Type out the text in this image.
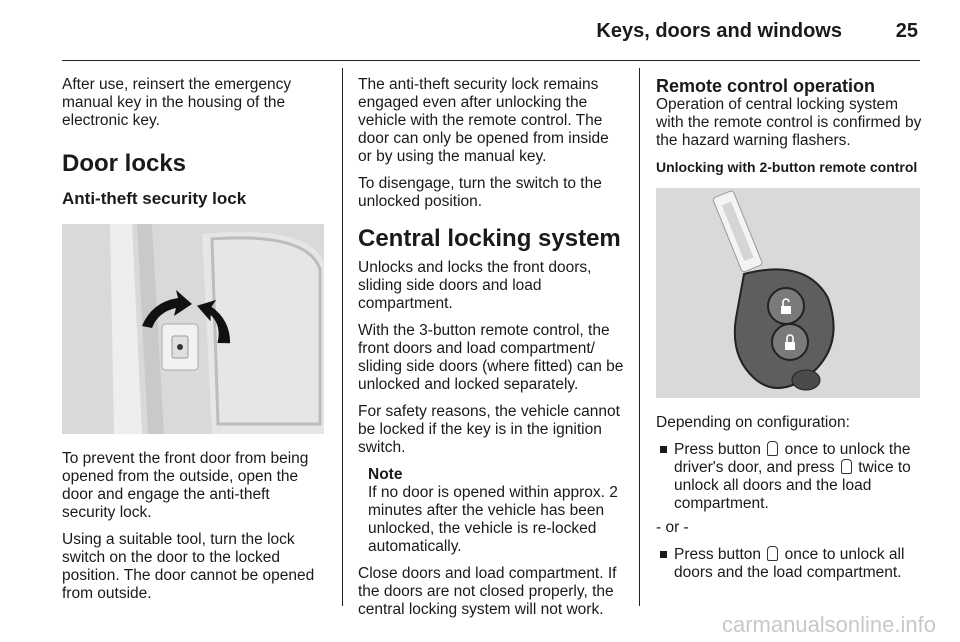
Keys, doors and windows	25

After use, reinsert the emergency manual key in the housing of the electronic key.

Door locks
Anti-theft security lock

To prevent the front door from being opened from the outside, open the door and engage the anti-theft security lock.

Using a suitable tool, turn the lock switch on the door to the locked position. The door cannot be opened from outside.

The anti-theft security lock remains engaged even after unlocking the vehicle with the remote control. The door can only be opened from inside or by using the manual key.

To disengage, turn the switch to the unlocked position.

Central locking system

Unlocks and locks the front doors, sliding side doors and load compartment.

With the 3-button remote control, the front doors and load compartment/ sliding side doors (where fitted) can be unlocked and locked separately.

For safety reasons, the vehicle cannot be locked if the key is in the ignition switch.

Note
If no door is opened within approx. 2 minutes after the vehicle has been unlocked, the vehicle is re-locked automatically.

Close doors and load compartment. If the doors are not closed properly, the central locking system will not work.

Remote control operation

Operation of central locking system with the remote control is confirmed by the hazard warning flashers.

Unlocking with 2-button remote control

Depending on configuration:

Press button once to unlock the driver's door, and press twice to unlock all doors and the load compartment.

- or -

Press button once to unlock all doors and the load compartment.
carmanualsonline.info
